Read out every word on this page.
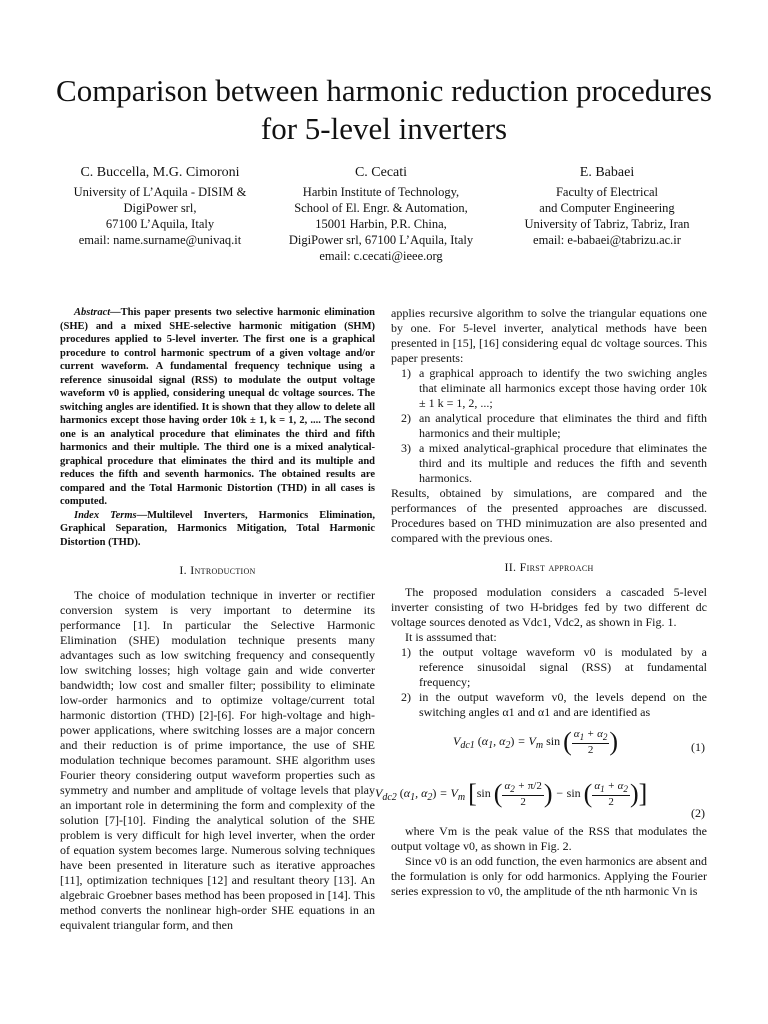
Comparison between harmonic reduction procedures
for 5-level inverters
C. Buccella, M.G. Cimoroni
University of L’Aquila - DISIM &
DigiPower srl,
67100 L’Aquila, Italy
email: name.surname@univaq.it
C. Cecati
Harbin Institute of Technology,
School of El. Engr. & Automation,
15001 Harbin, P.R. China,
DigiPower srl, 67100 L’Aquila, Italy
email: c.cecati@ieee.org
E. Babaei
Faculty of Electrical
and Computer Engineering
University of Tabriz, Tabriz, Iran
email: e-babaei@tabrizu.ac.ir

Abstract—This paper presents two selective harmonic elimination (SHE) and a mixed SHE-selective harmonic mitigation (SHM) procedures applied to 5-level inverter. The first one is a graphical procedure to control harmonic spectrum of a given voltage and/or current waveform. A fundamental frequency technique using a reference sinusoidal signal (RSS) to modulate the output voltage waveform v0 is applied, considering unequal dc voltage sources. The switching angles are identified. It is shown that they allow to delete all harmonics except those having order 10k ± 1, k = 1, 2, .... The second one is an analytical procedure that eliminates the third and fifth harmonics and their multiple. The third one is a mixed analytical-graphical procedure that eliminates the third and its multiple and reduces the fifth and seventh harmonics. The obtained results are compared and the Total Harmonic Distortion (THD) in all cases is computed.

Index Terms—Multilevel Inverters, Harmonics Elimination, Graphical Separation, Harmonics Mitigation, Total Harmonic Distortion (THD).

I. Introduction

The choice of modulation technique in inverter or rectifier conversion system is very important to determine its performance [1]. In particular the Selective Harmonic Elimination (SHE) modulation technique presents many advantages such as low switching frequency and consequently low switching losses; high voltage gain and wide converter bandwidth; low cost and smaller filter; possibility to eliminate low-order harmonics and to optimize voltage/current total harmonic distortion (THD) [2]-[6]. For high-voltage and high-power applications, where switching losses are a major concern and their reduction is of prime importance, the use of SHE modulation technique becomes paramount. SHE algorithm uses Fourier theory considering output waveform properties such as symmetry and number and amplitude of voltage levels that play an important role in determining the form and complexity of the solution [7]-[10]. Finding the analytical solution of the SHE problem is very difficult for high level inverter, when the order of equation system becomes large. Numerous solving techniques have been presented in literature such as iterative approaches [11], optimization techniques [12] and resultant theory [13]. An algebraic Groebner bases method has been proposed in [14]. This method converts the nonlinear high-order SHE equations in an equivalent triangular form, and then

applies recursive algorithm to solve the triangular equations one by one. For 5-level inverter, analytical methods have been presented in [15], [16] considering equal dc voltage sources. This paper presents:

1) a graphical approach to identify the two swiching angles that eliminate all harmonics except those having order 10k ± 1 k = 1, 2, ...;
2) an analytical procedure that eliminates the third and fifth harmonics and their multiple;
3) a mixed analytical-graphical procedure that eliminates the third and its multiple and reduces the fifth and seventh harmonics.

Results, obtained by simulations, are compared and the performances of the presented approaches are discussed. Procedures based on THD minimuzation are also presented and compared with the previous ones.

II. First approach

The proposed modulation considers a cascaded 5-level inverter consisting of two H-bridges fed by two different dc voltage sources denoted as Vdc1, Vdc2, as shown in Fig. 1.

It is asssumed that:

1) the output voltage waveform v0 is modulated by a reference sinusoidal signal (RSS) at fundamental frequency;
2) in the output waveform v0, the levels depend on the switching angles α1 and α1 and are identified as
$V_{dc1}$ ($\alpha_1$, $\alpha_2) = V_m$ sin ( $\frac{\alpha_1 + \alpha_2}{2}$ )	(1)
$V_{dc2}$ ($\alpha_1$, $\alpha_2) = V_m$ [sin ( $\frac{\alpha_2 + \pi/2}{2}$ ) − sin ( $\frac{\alpha_1 + \alpha_2}{2}$ )]
(2)

where Vm is the peak value of the RSS that modulates the output voltage v0, as shown in Fig. 2.

Since v0 is an odd function, the even harmonics are absent and the formulation is only for odd harmonics. Applying the Fourier series expression to v0, the amplitude of the nth harmonic Vn is
